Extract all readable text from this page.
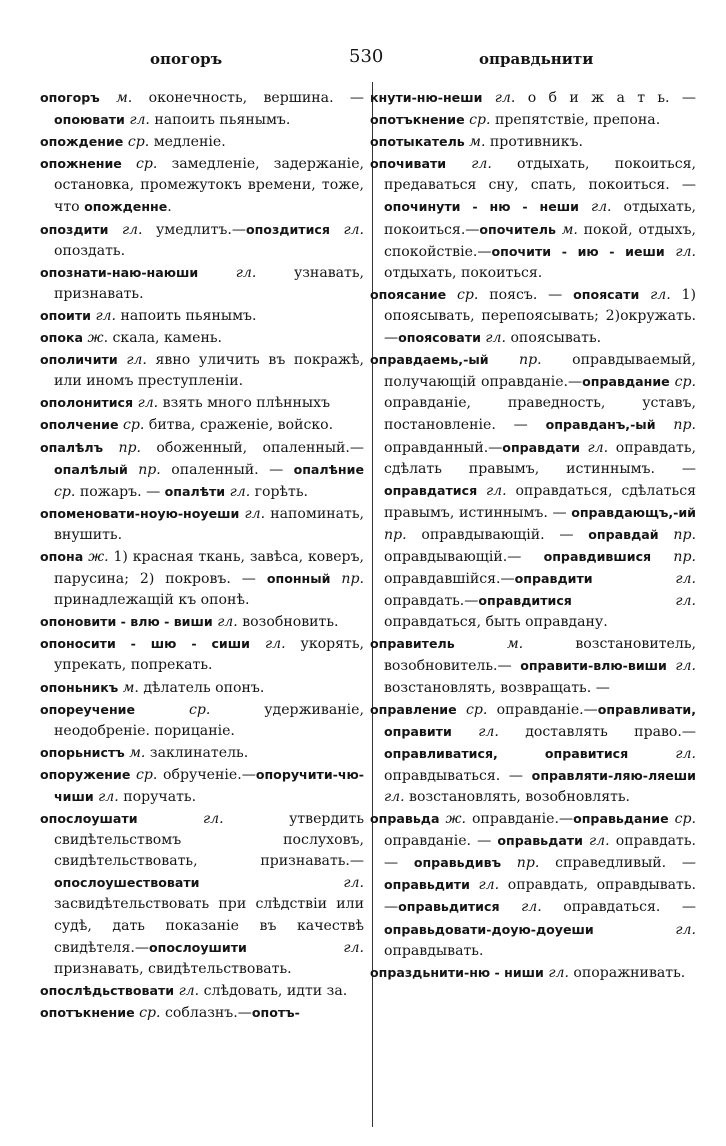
опогоръ	530	оправдьнити

опогоръ м. оконечность, вершина. —опоювати гл. напоить пьянымъ.

опождение ср. медленіе.

опожнение ср. замедленіе, задержаніе, остановка, промежутокъ времени, тоже, что опожденне.

опоздити гл. умедлитъ.—опоздитися гл. опоздать.

опознати-наю-наюши	гл. узнавать, признавать.

опоити гл. напоить пьянымъ.

опока ж. скала, камень.

ополичити гл. явно уличить въ покражѣ, или иномъ преступленіи.

ополонитися гл. взять много плѣнныхъ

ополчение ср. битва, сраженіе, войско.

опалѣлъ пр. обоженный, опаленный.—опалѣлый пр. опаленный. — опалѣние ср. пожаръ. — опалѣти гл. горѣть.

опоменовати-ноую-ноуеши гл. напоминать, внушить.

опона ж. 1) красная ткань, завѣса, коверъ, парусина; 2) покровъ. — опонный пр. принадлежащій къ опонѣ.

опоновити - влю - виши гл. возобновить.

опоносити - шю - сиши гл. укорять, упрекать, попрекать.

опоньникъ м. дѣлатель опонъ.

опореучение	ср. удерживаніе, неодобреніе. порицаніе.

опорьнистъ м. заклинатель.

опоружение ср. обрученіе.—опоручити-чю-чиши гл. поручать.

опослоушати	гл. утвердить свидѣтельствомъ послуховъ, свидѣтельствовать, признавать.—опослоушествовати	гл. засвидѣтельствовать при слѣдствіи или судѣ, дать показаніе въ качествѣ свидѣтеля.—опослоушити	гл. признавать, свидѣтельствовать.

опослѣдьствовати гл. слѣдовать, идти за.

опотъкнение ср. соблазнъ.—опотъ-

кнути-ню-неши гл. о б и ж а т ь. — опотъкнение ср. препятствіе, препона.

опотыкатель м. противникъ.

опочивати гл. отдыхать, покоиться, предаваться сну, спать, покоиться. —опочинути - ню - неши гл. отдыхать, покоиться.—опочитель м. покой, отдыхъ, спокойствіе.—опочити - ию - иеши гл. отдыхать, покоиться.

опоясание ср. поясъ. — опоясати гл. 1) опоясывать, перепоясывать; 2)окружать.—опоясовати гл. опоясывать.

оправдаемь,-ый пр. оправдываемый, получающій оправданіе.—оправдание ср. оправданіе, праведность, уставъ, постановленіе. — оправданъ,-ый пр. оправданный.—оправдати гл. оправдать, сдѣлать правымъ, истиннымъ. — оправдатися гл. оправдаться, сдѣлаться правымъ, истиннымъ. — оправдающъ,-ий пр. оправдывающій. — оправдай пр. оправдывающій.— оправдившися пр. оправдавшійся.—оправдити	гл. оправдать.—оправдитися	гл. оправдаться, быть оправдану.

оправитель	м. возстановитель, возобновитель.— оправити-влю-виши гл. возстановлять, возвращать. —

оправление ср. оправданіе.—оправливати, оправити гл. доставлять право.—оправливатися, оправитися	гл. оправдываться. — оправляти-ляю-ляеши гл. возстановлять, возобновлять.

оправьда ж. оправданіе.—оправьдание ср. оправданіе. — оправьдати гл. оправдать. — оправьдивъ пр. справедливый. — оправьдити гл. оправдать, оправдывать.—оправьдитися гл. оправдаться. — оправьдовати-доую-доуеши	гл. оправдывать.

опраздьнити-ню - ниши гл. опоражнивать.
